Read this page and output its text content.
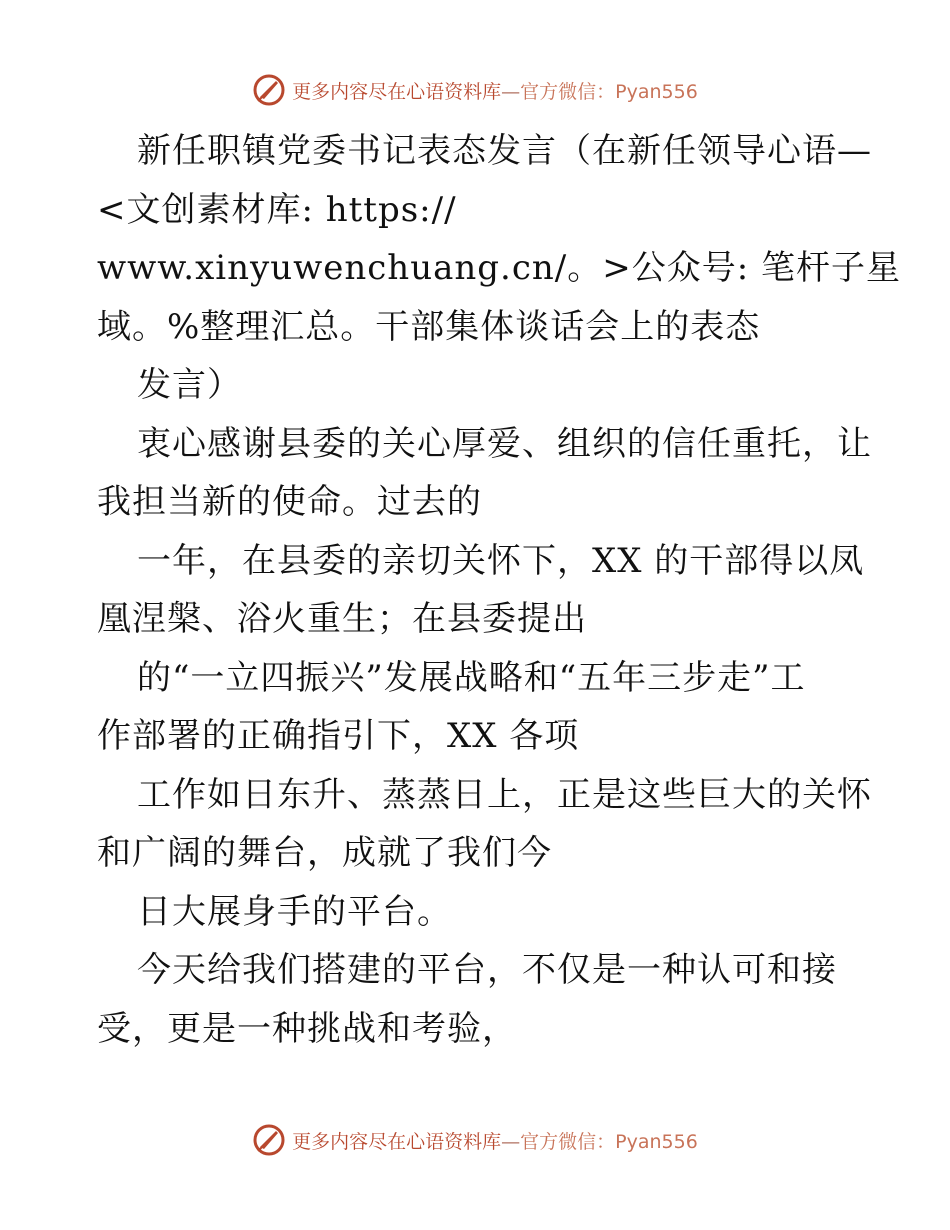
更多内容尽在心语资料库—官方微信：Pyan556
新任职镇党委书记表态发言（在新任领导心语—
<文创素材库: https://
www.xinyuwenchuang.cn/。>公众号: 笔杆子星
域。%整理汇总。干部集体谈话会上的表态
发言）
衷心感谢县委的关心厚爱、组织的信任重托，让
我担当新的使命。过去的
一年，在县委的亲切关怀下，XX 的干部得以凤
凰涅槃、浴火重生；在县委提出
的“一立四振兴”发展战略和“五年三步走”工
作部署的正确指引下，XX 各项
工作如日东升、蒸蒸日上，正是这些巨大的关怀
和广阔的舞台，成就了我们今
日大展身手的平台。
今天给我们搭建的平台，不仅是一种认可和接
受，更是一种挑战和考验，
更多内容尽在心语资料库—官方微信：Pyan556
